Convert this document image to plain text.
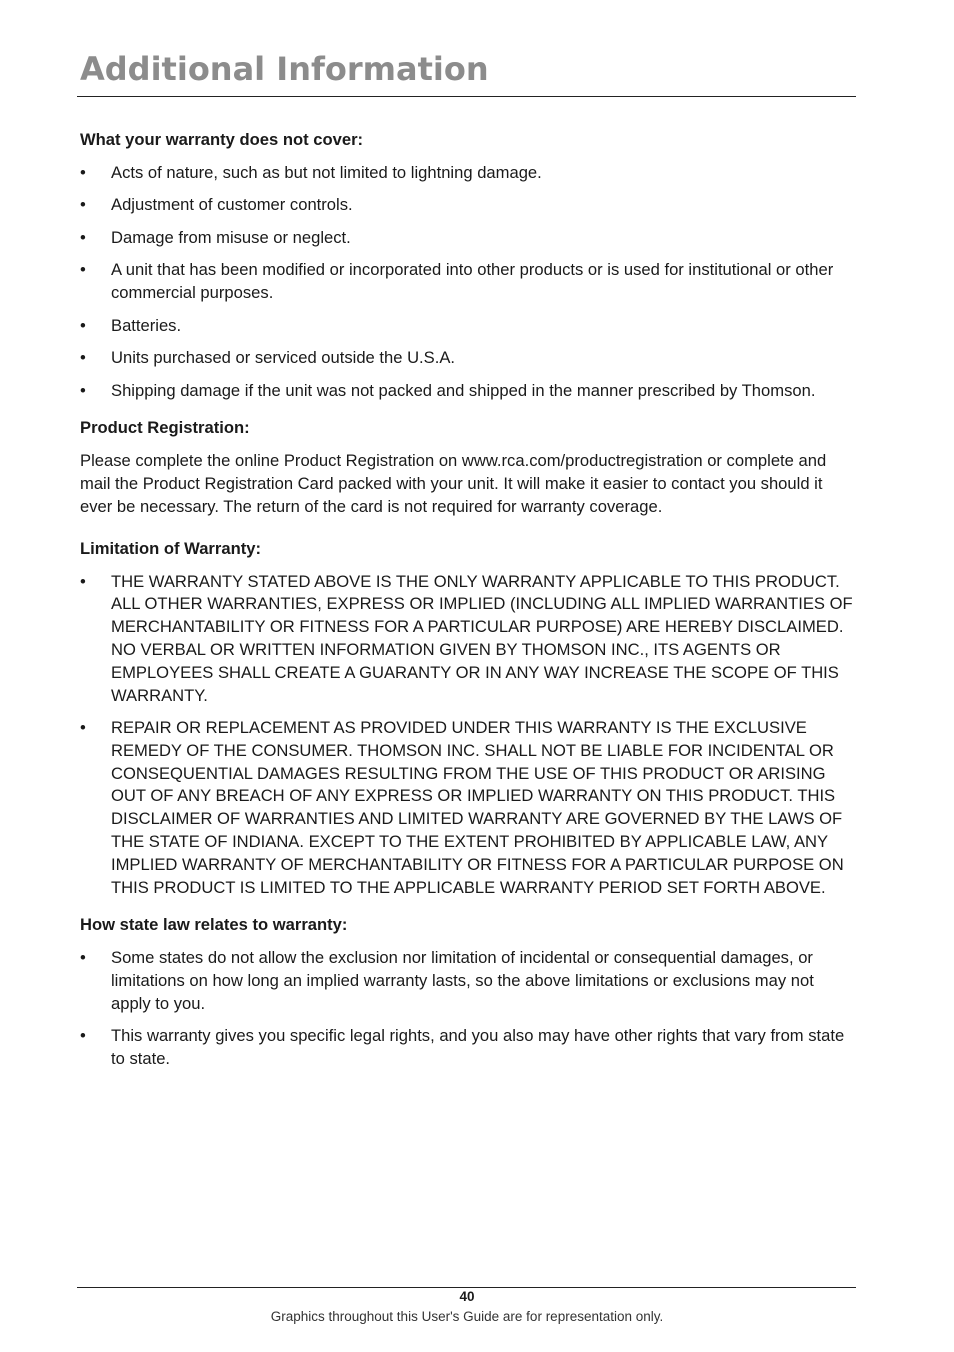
Additional Information
What your warranty does not cover:
• Acts of nature, such as but not limited to lightning damage.
• Adjustment of customer controls.
• Damage from misuse or neglect.
• A unit that has been modified or incorporated into other products or is used for institutional or other commercial purposes.
• Batteries.
• Units purchased or serviced outside the U.S.A.
• Shipping damage if the unit was not packed and shipped in the manner prescribed by Thomson.
Product Registration:

Please complete the online Product Registration on www.rca.com/productregistration or complete and mail the Product Registration Card packed with your unit. It will make it easier to contact you should it ever be necessary. The return of the card is not required for warranty coverage.

Limitation of Warranty:
• THE WARRANTY STATED ABOVE IS THE ONLY WARRANTY APPLICABLE TO THIS PRODUCT. ALL OTHER WARRANTIES, EXPRESS OR IMPLIED (INCLUDING ALL IMPLIED WARRANTIES OF MERCHANTABILITY OR FITNESS FOR A PARTICULAR PURPOSE) ARE HEREBY DISCLAIMED. NO VERBAL OR WRITTEN INFORMATION GIVEN BY THOMSON INC., ITS AGENTS OR EMPLOYEES SHALL CREATE A GUARANTY OR IN ANY WAY INCREASE THE SCOPE OF THIS WARRANTY.
• REPAIR OR REPLACEMENT AS PROVIDED UNDER THIS WARRANTY IS THE EXCLUSIVE REMEDY OF THE CONSUMER. THOMSON INC. SHALL NOT BE LIABLE FOR INCIDENTAL OR CONSEQUENTIAL DAMAGES RESULTING FROM THE USE OF THIS PRODUCT OR ARISING OUT OF ANY BREACH OF ANY EXPRESS OR IMPLIED WARRANTY ON THIS PRODUCT. THIS DISCLAIMER OF WARRANTIES AND LIMITED WARRANTY ARE GOVERNED BY THE LAWS OF THE STATE OF INDIANA. EXCEPT TO THE EXTENT PROHIBITED BY APPLICABLE LAW, ANY IMPLIED WARRANTY OF MERCHANTABILITY OR FITNESS FOR A PARTICULAR PURPOSE ON THIS PRODUCT IS LIMITED TO THE APPLICABLE WARRANTY PERIOD SET FORTH ABOVE.
How state law relates to warranty:
• Some states do not allow the exclusion nor limitation of incidental or consequential damages, or limitations on how long an implied warranty lasts, so the above limitations or exclusions may not apply to you.
• This warranty gives you specific legal rights, and you also may have other rights that vary from state to state.
40
Graphics throughout this User's Guide are for representation only.
